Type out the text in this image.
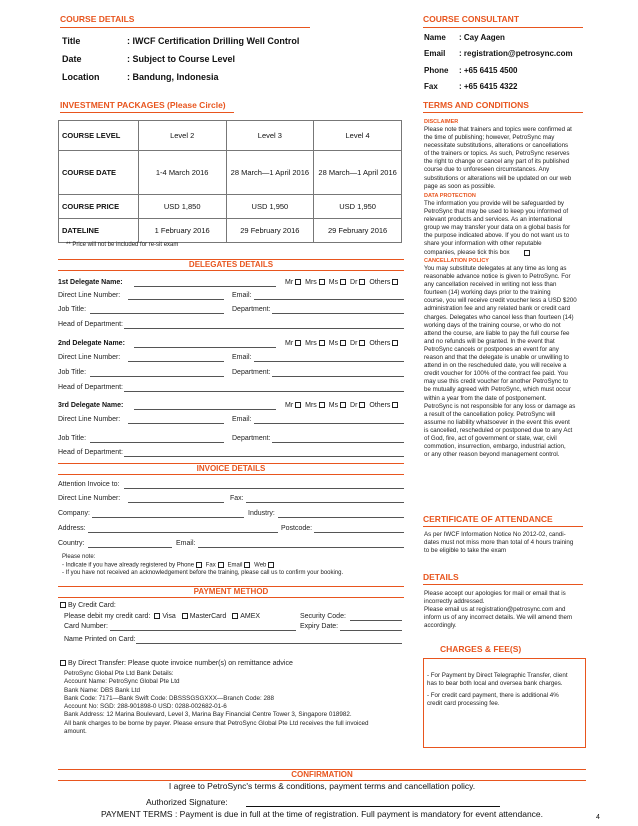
COURSE DETAILS
Title	: IWCF Certification Drilling Well Control
Date	: Subject to Course Level
Location	: Bandung, Indonesia
INVESTMENT PACKAGES (Please Circle)
COURSE LEVEL	Level 2	Level 3	Level 4
COURSE DATE	1-4 March 2016	28 March—1 April 2016	28 March—1 April 2016
COURSE PRICE	USD 1,850	USD 1,950	USD 1,950
DATELINE	1 February 2016	29 February 2016	29 February 2016
** Price will not be included for re-sit exam
DELEGATES DETAILS
1st Delegate Name:	Mr Mrs Ms Dr Others
Direct Line Number:	Email:
Job Title:	Department:
Head of Department:
2nd Delegate Name:	Mr Mrs Ms Dr Others
Direct Line Number:	Email:
Job Title:	Department:
Head of Department:
3rd Delegate Name:	Mr Mrs Ms Dr Others
Direct Line Number:	Email:
Job Title:	Department:
Head of Department:
INVOICE DETAILS
Attention Invoice to:
Direct Line Number:	Fax:
Company:	Industry:
Address:	Postcode:
Country:	Email:
Please note:
- Indicate if you have already registered by Phone Fax Email Web
- If you have not received an acknowledgement before the training, please call us to confirm your booking.
PAYMENT METHOD
By Credit Card:
Please debit my credit card: Visa MasterCard AMEX	Security Code:
Card Number:	Expiry Date:
Name Printed on Card:
By Direct Transfer: Please quote invoice number(s) on remittance advice
PetroSync Global Pte Ltd Bank Details:
Account Name: PetroSync Global Pte Ltd
Bank Name: DBS Bank Ltd
Bank Code: 7171—Bank Swift Code: DBSSSGSGXXX—Branch Code: 288
Account No: SGD: 288-901898-0 USD: 0288-002682-01-6
Bank Address: 12 Marina Boulevard, Level 3, Marina Bay Financial Centre Tower 3, Singapore 018982.
All bank charges to be borne by payer. Please ensure that PetroSync Global Pte Ltd receives the full invoiced
amount.
COURSE CONSULTANT
Name : Cay Aagen
Email : registration@petrosync.com
Phone : +65 6415 4500
Fax	: +65 6415 4322
TERMS AND CONDITIONS
DISCLAIMER
Please note that trainers and topics were confirmed at
the time of publishing; however, PetroSync may
necessitate substitutions, alterations or cancellations
of the trainers or topics. As such, PetroSync reserves
the right to change or cancel any part of its published
course due to unforeseen circumstances. Any
substitutions or alterations will be updated on our web
page as soon as possible.
DATA PROTECTION
The information you provide will be safeguarded by
PetroSync that may be used to keep you informed of
relevant products and services. As an international
group we may transfer your data on a global basis for
the purpose indicated above. If you do not want us to
share your information with other reputable
companies, please tick this box
CANCELLATION POLICY
You may substitute delegates at any time as long as
reasonable advance notice is given to PetroSync. For
any cancellation received in writing not less than
fourteen (14) working days prior to the training
course, you will receive credit voucher less a USD $200
administration fee and any related bank or credit card
charges. Delegates who cancel less than fourteen (14)
working days of the training course, or who do not
attend the course, are liable to pay the full course fee
and no refunds will be granted. In the event that
PetroSync cancels or postpones an event for any
reason and that the delegate is unable or unwilling to
attend in on the rescheduled date, you will receive a
credit voucher for 100% of the contract fee paid. You
may use this credit voucher for another PetroSync to
be mutually agreed with PetroSync, which must occur
within a year from the date of postponement.
PetroSync is not responsible for any loss or damage as
a result of the cancellation policy. PetroSync will
assume no liability whatsoever in the event this event
is cancelled, rescheduled or postponed due to any Act
of God, fire, act of government or state, war, civil
commotion, insurrection, embargo, industrial action,
or any other reason beyond management control.
CERTIFICATE OF ATTENDANCE
As per IWCF Information Notice No 2012-02, candi-
dates must not miss more than total of 4 hours training
to be eligible to take the exam
DETAILS
Please accept our apologies for mail or email that is
incorrectly addressed.
Please email us at registration@petrosync.com and
inform us of any incorrect details. We will amend them
accordingly.
CHARGES & FEE(S)
- For Payment by Direct Telegraphic Transfer, client
has to bear both local and oversea bank charges.
- For credit card payment, there is additional 4%
credit card processing fee.
CONFIRMATION
I agree to PetroSync's terms & conditions, payment terms and cancellation policy.
Authorized Signature:
PAYMENT TERMS : Payment is due in full at the time of registration. Full payment is mandatory for event attendance.	4
